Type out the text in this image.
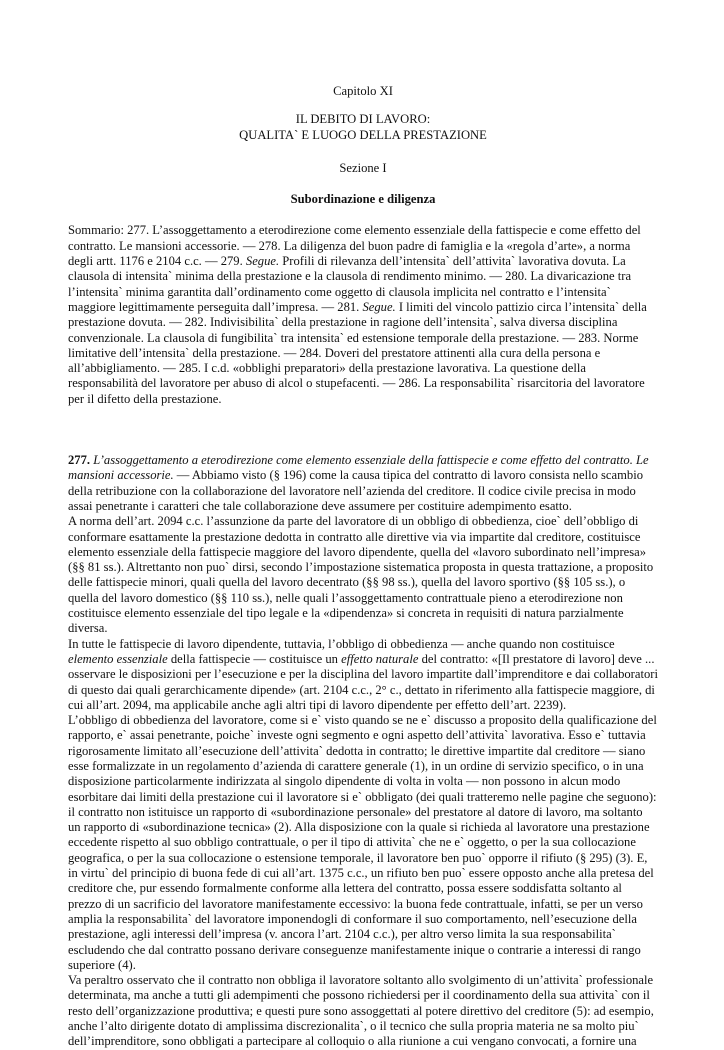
Capitolo XI

IL DEBITO DI LAVORO:
QUALITA` E LUOGO DELLA PRESTAZIONE

Sezione I

Subordinazione e diligenza

Sommario: 277. L’assoggettamento a eterodirezione come elemento essenziale della fattispecie e come effetto del contratto. Le mansioni accessorie. — 278. La diligenza del buon padre di famiglia e la «regola d’arte», a norma degli artt. 1176 e 2104 c.c. — 279. Segue. Profili di rilevanza dell’intensita` dell’attivita` lavorativa dovuta. La clausola di intensita` minima della prestazione e la clausola di rendimento minimo. — 280. La divaricazione tra l’intensita` minima garantita dall’ordinamento come oggetto di clausola implicita nel contratto e l’intensita` maggiore legittimamente perseguita dall’impresa. — 281. Segue. I limiti del vincolo pattizio circa l’intensita` della prestazione dovuta. — 282. Indivisibilita` della prestazione in ragione dell’intensita`, salva diversa disciplina convenzionale. La clausola di fungibilita` tra intensita` ed estensione temporale della prestazione. — 283. Norme limitative dell’intensita` della prestazione. — 284. Doveri del prestatore attinenti alla cura della persona e all’abbigliamento. — 285. I c.d. «obblighi preparatori» della prestazione lavorativa. La questione della responsabilità del lavoratore per abuso di alcol o stupefacenti. — 286. La responsabilita` risarcitoria del lavoratore per il difetto della prestazione.

277. L’assoggettamento a eterodirezione come elemento essenziale della fattispecie e come effetto del contratto. Le mansioni accessorie. — Abbiamo visto (§ 196) come la causa tipica del contratto di lavoro consista nello scambio della retribuzione con la collaborazione del lavoratore nell’azienda del creditore. Il codice civile precisa in modo assai penetrante i caratteri che tale collaborazione deve assumere per costituire adempimento esatto.

A norma dell’art. 2094 c.c. l’assunzione da parte del lavoratore di un obbligo di obbedienza, cioe` dell’obbligo di conformare esattamente la prestazione dedotta in contratto alle direttive via via impartite dal creditore, costituisce elemento essenziale della fattispecie maggiore del lavoro dipendente, quella del «lavoro subordinato nell’impresa» (§§ 81 ss.). Altrettanto non puo` dirsi, secondo l’impostazione sistematica proposta in questa trattazione, a proposito delle fattispecie minori, quali quella del lavoro decentrato (§§ 98 ss.), quella del lavoro sportivo (§§ 105 ss.), o quella del lavoro domestico (§§ 110 ss.), nelle quali l’assoggettamento contrattuale pieno a eterodirezione non costituisce elemento essenziale del tipo legale e la «dipendenza» si concreta in requisiti di natura parzialmente diversa.

In tutte le fattispecie di lavoro dipendente, tuttavia, l’obbligo di obbedienza — anche quando non costituisce elemento essenziale della fattispecie — costituisce un effetto naturale del contratto: «[Il prestatore di lavoro] deve ... osservare le disposizioni per l’esecuzione e per la disciplina del lavoro impartite dall’imprenditore e dai collaboratori di questo dai quali gerarchicamente dipende» (art. 2104 c.c., 2° c., dettato in riferimento alla fattispecie maggiore, di cui all’art. 2094, ma applicabile anche agli altri tipi di lavoro dipendente per effetto dell’art. 2239).

L’obbligo di obbedienza del lavoratore, come si e` visto quando se ne e` discusso a proposito della qualificazione del rapporto, e` assai penetrante, poiche` investe ogni segmento e ogni aspetto dell’attivita` lavorativa. Esso e` tuttavia rigorosamente limitato all’esecuzione dell’attivita` dedotta in contratto; le direttive impartite dal creditore — siano esse formalizzate in un regolamento d’azienda di carattere generale (1), in un ordine di servizio specifico, o in una disposizione particolarmente indirizzata al singolo dipendente di volta in volta — non possono in alcun modo esorbitare dai limiti della prestazione cui il lavoratore si e` obbligato (dei quali tratteremo nelle pagine che seguono): il contratto non istituisce un rapporto di «subordinazione personale» del prestatore al datore di lavoro, ma soltanto un rapporto di «subordinazione tecnica» (2). Alla disposizione con la quale si richieda al lavoratore una prestazione eccedente rispetto al suo obbligo contrattuale, o per il tipo di attivita` che ne e` oggetto, o per la sua collocazione geografica, o per la sua collocazione o estensione temporale, il lavoratore ben puo` opporre il rifiuto (§ 295) (3). E, in virtu` del principio di buona fede di cui all’art. 1375 c.c., un rifiuto ben puo` essere opposto anche alla pretesa del creditore che, pur essendo formalmente conforme alla lettera del contratto, possa essere soddisfatta soltanto al prezzo di un sacrificio del lavoratore manifestamente eccessivo: la buona fede contrattuale, infatti, se per un verso amplia la responsabilita` del lavoratore imponendogli di conformare il suo comportamento, nell’esecuzione della prestazione, agli interessi dell’impresa (v. ancora l’art. 2104 c.c.), per altro verso limita la sua responsabilita` escludendo che dal contratto possano derivare conseguenze manifestamente inique o contrarie a interessi di rango superiore (4).

Va peraltro osservato che il contratto non obbliga il lavoratore soltanto allo svolgimento di un’attivita` professionale determinata, ma anche a tutti gli adempimenti che possono richiedersi per il coordinamento della sua attivita` con il resto dell’organizzazione produttiva; e questi pure sono assoggettati al potere direttivo del creditore (5): ad esempio, anche l’alto dirigente dotato di amplissima discrezionalita`, o il tecnico che sulla propria materia ne sa molto piu` dell’imprenditore, sono obbligati a partecipare al colloquio o alla riunione a cui vengano convocati, a fornire una
